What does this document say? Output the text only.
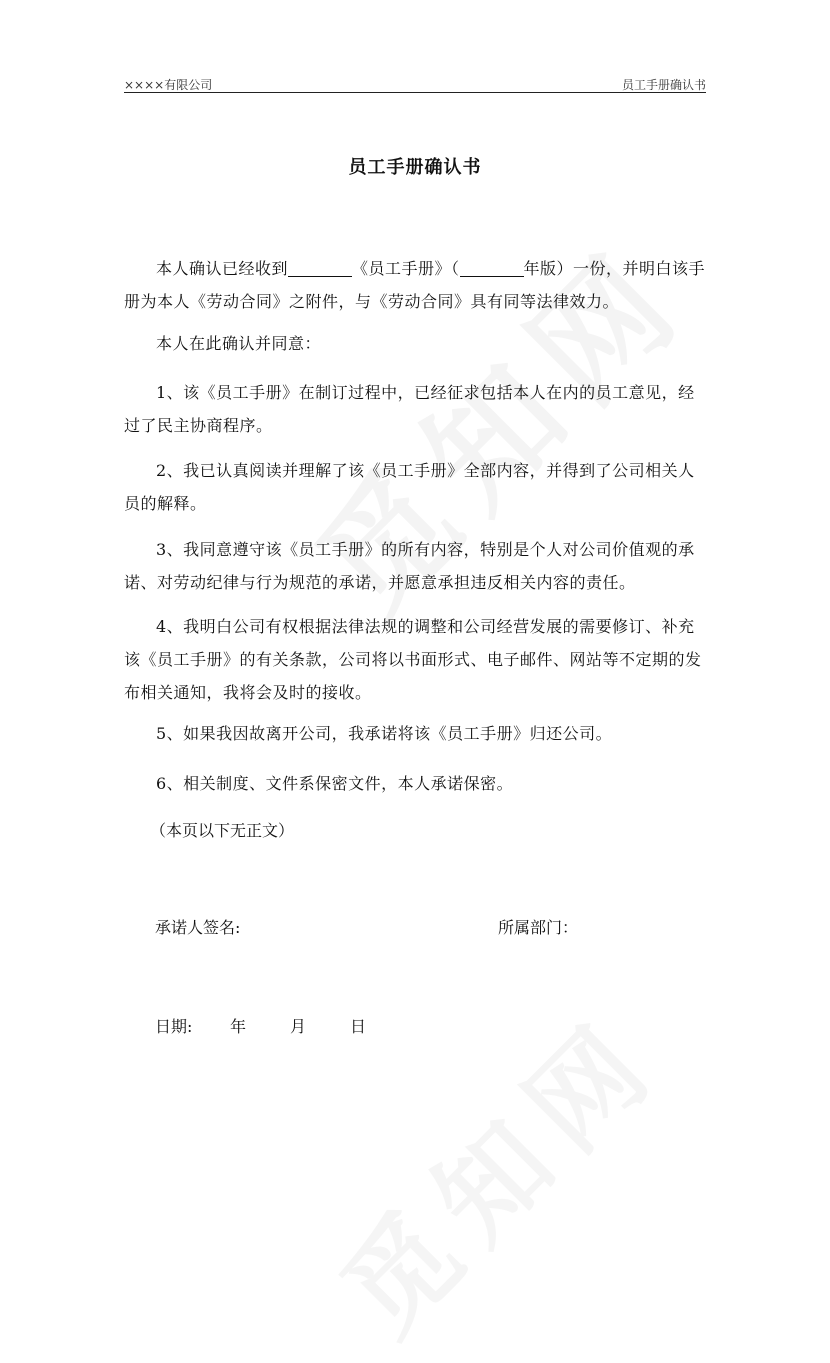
××××有限公司	员工手册确认书
员工手册确认书
本人确认已经收到	《员工手册》（	年版）一份，并明白该手册为本人《劳动合同》之附件，与《劳动合同》具有同等法律效力。
本人在此确认并同意：
1、该《员工手册》在制订过程中，已经征求包括本人在内的员工意见，经过了民主协商程序。
2、我已认真阅读并理解了该《员工手册》全部内容，并得到了公司相关人员的解释。
3、我同意遵守该《员工手册》的所有内容，特别是个人对公司价值观的承诺、对劳动纪律与行为规范的承诺，并愿意承担违反相关内容的责任。
4、我明白公司有权根据法律法规的调整和公司经营发展的需要修订、补充该《员工手册》的有关条款，公司将以书面形式、电子邮件、网站等不定期的发布相关通知，我将会及时的接收。
5、如果我因故离开公司，我承诺将该《员工手册》归还公司。
6、相关制度、文件系保密文件，本人承诺保密。
（本页以下无正文）
承诺人签名:	所属部门：
日期: 年	月	日
